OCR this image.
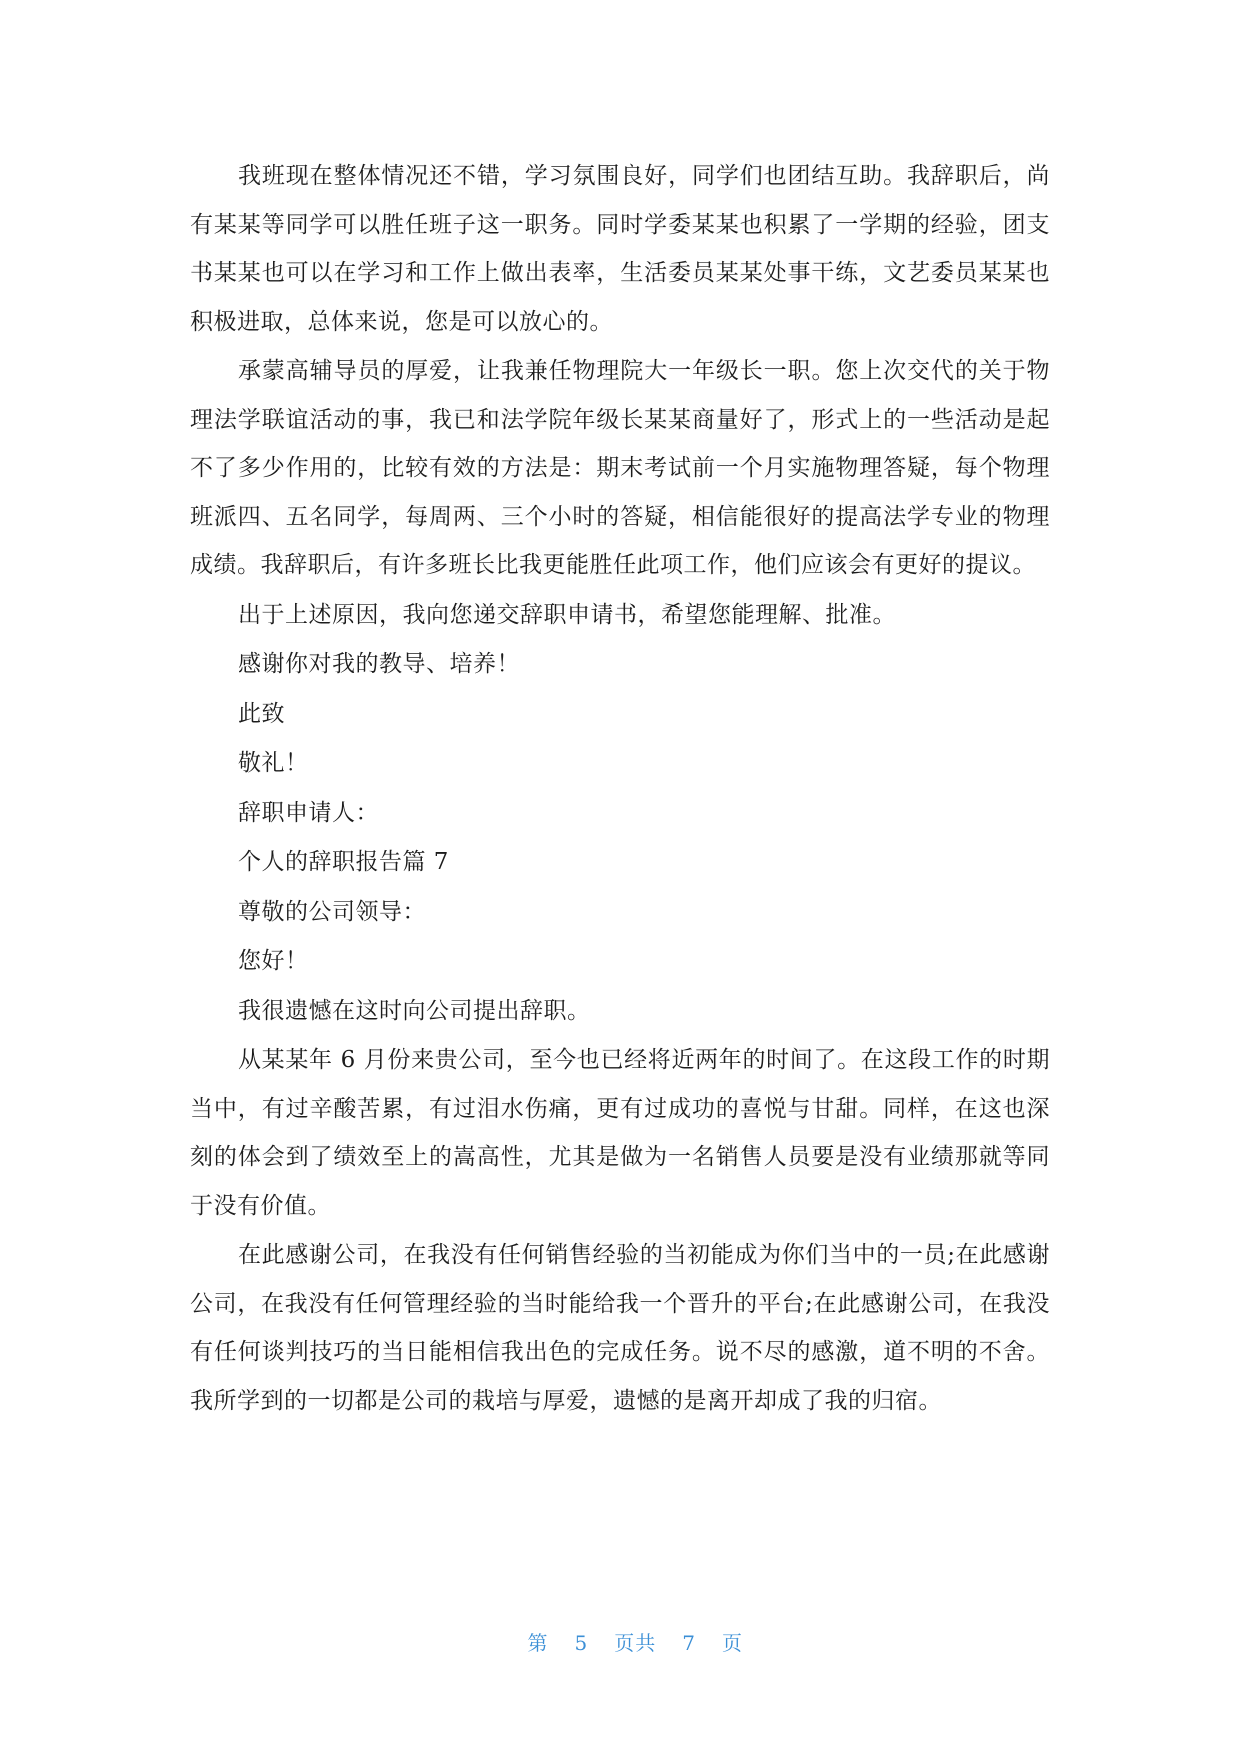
我班现在整体情况还不错，学习氛围良好，同学们也团结互助。我辞职后，尚有某某等同学可以胜任班子这一职务。同时学委某某也积累了一学期的经验，团支书某某也可以在学习和工作上做出表率，生活委员某某处事干练，文艺委员某某也积极进取，总体来说，您是可以放心的。

承蒙高辅导员的厚爱，让我兼任物理院大一年级长一职。您上次交代的关于物理法学联谊活动的事，我已和法学院年级长某某商量好了，形式上的一些活动是起不了多少作用的，比较有效的方法是：期末考试前一个月实施物理答疑，每个物理班派四、五名同学，每周两、三个小时的答疑，相信能很好的提高法学专业的物理成绩。我辞职后，有许多班长比我更能胜任此项工作，他们应该会有更好的提议。

出于上述原因，我向您递交辞职申请书，希望您能理解、批准。

感谢你对我的教导、培养！

此致

敬礼！

辞职申请人：

个人的辞职报告篇 7

尊敬的公司领导：

您好！

我很遗憾在这时向公司提出辞职。

从某某年 6 月份来贵公司，至今也已经将近两年的时间了。在这段工作的时期当中，有过辛酸苦累，有过泪水伤痛，更有过成功的喜悦与甘甜。同样，在这也深刻的体会到了绩效至上的嵩高性，尤其是做为一名销售人员要是没有业绩那就等同于没有价值。

在此感谢公司，在我没有任何销售经验的当初能成为你们当中的一员;在此感谢公司，在我没有任何管理经验的当时能给我一个晋升的平台;在此感谢公司，在我没有任何谈判技巧的当日能相信我出色的完成任务。说不尽的感激，道不明的不舍。我所学到的一切都是公司的栽培与厚爱，遗憾的是离开却成了我的归宿。

第 5 页共 7 页
